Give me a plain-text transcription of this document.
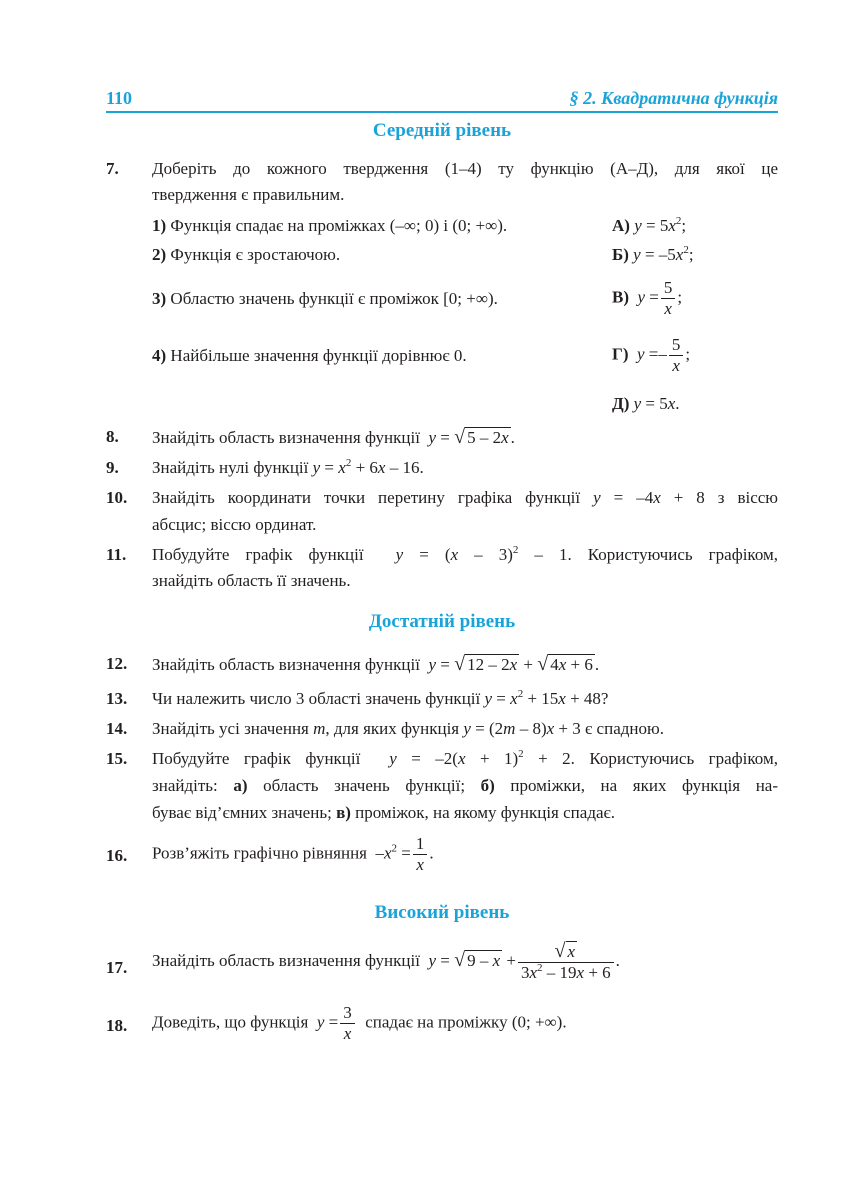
110	§ 2. Квадратична функція
Середній рівень
7. Доберіть до кожного твердження (1–4) ту функцію (А–Д), для якої це
твердження є правильним.
1) Функція спадає на проміжках (–∞; 0) і (0; +∞).
2) Функція є зростаючою.
3) Областю значень функції є проміжок [0; +∞).
4) Найбільше значення функції дорівнює 0.
А) $y = 5x^2$;
Б) $y = -5x^2$;
В) $y = \frac{5}{x}$ ;
Г) $y =- \frac{5}{x}$ ;
Д) y = 5x.
8. Знайдіть область визначення функції y = √ 5 – 2x .
9. Знайдіть нулі функції $y = x^2 + 6x - 16$.
10. Знайдіть координати точки перетину графіка функції y = –4x + 8 з віссю
абсцис; віссю ординат.
11. Побудуйте графік функції y = (x – 3)$^2$ – 1. Користуючись графіком,
знайдіть область її значень.
Достатній рівень
12. Знайдіть область визначення функції y = √ 12 – 2x + √ 4x + 6 .
13. Чи належить число 3 області значень функції $y = x^2 + 15x + 48$?
14. Знайдіть усі значення m, для яких функція y = (2m – 8)x + 3 є спадною.
15. Побудуйте графік функції $y = -2(x + 1)^2 + 2$. Користуючись графіком,
знайдіть: а) область значень функції; б) проміжки, на яких функція на-
буває від’ємних значень; в) проміжок, на якому функція спадає.
16. Розв’яжіть графічно рівняння  $-x^2 = \frac{1}{x}$ .
Високий рівень
17. Знайдіть область визначення функції y = √ $9 - x + \frac{√ x}{3x^2 - 19x + 6}$ .
18. Доведіть, що функція $y = \frac{3}{x}$ спадає на проміжку (0; +∞).
